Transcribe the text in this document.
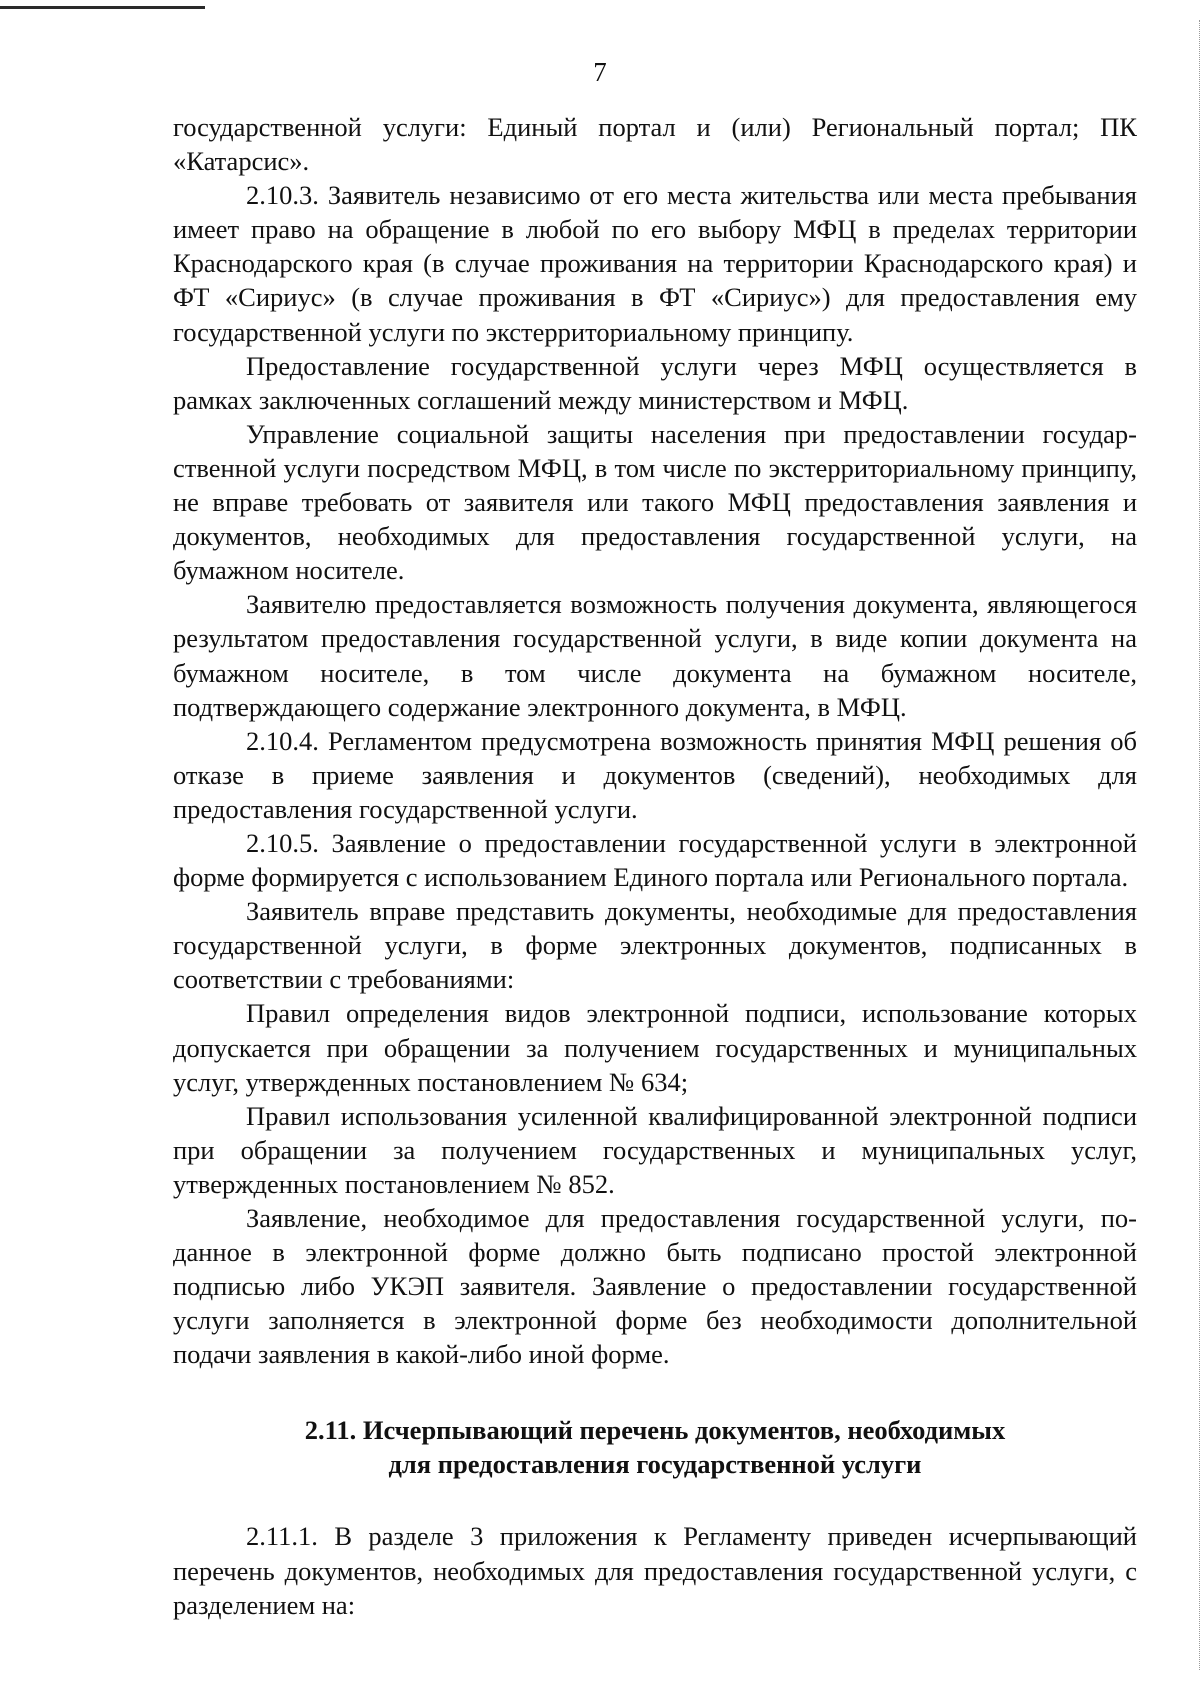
7

государственной услуги: Единый портал и (или) Региональный портал; ПК «Катарсис».

2.10.3. Заявитель независимо от его места жительства или места пребывания имеет право на обращение в любой по его выбору МФЦ в пределах территории Краснодарского края (в случае проживания на территории Краснодарского края) и ФТ «Сириус» (в случае проживания в ФТ «Сириус») для предоставления ему государственной услуги по экстерриториальному принципу.

Предоставление государственной услуги через МФЦ осуществляется в рамках заключенных соглашений между министерством и МФЦ.

Управление социальной защиты населения при предоставлении государственной услуги посредством МФЦ, в том числе по экстерриториальному принципу, не вправе требовать от заявителя или такого МФЦ предоставления заявления и документов, необходимых для предоставления государственной услуги, на бумажном носителе.

Заявителю предоставляется возможность получения документа, являющегося результатом предоставления государственной услуги, в виде копии документа на бумажном носителе, в том числе документа на бумажном носителе, подтверждающего содержание электронного документа, в МФЦ.

2.10.4. Регламентом предусмотрена возможность принятия МФЦ решения об отказе в приеме заявления и документов (сведений), необходимых для предоставления государственной услуги.

2.10.5. Заявление о предоставлении государственной услуги в электронной форме формируется с использованием Единого портала или Регионального портала.

Заявитель вправе представить документы, необходимые для предоставления государственной услуги, в форме электронных документов, подписанных в соответствии с требованиями:

Правил определения видов электронной подписи, использование которых допускается при обращении за получением государственных и муниципальных услуг, утвержденных постановлением № 634;

Правил использования усиленной квалифицированной электронной подписи при обращении за получением государственных и муниципальных услуг, утвержденных постановлением № 852.

Заявление, необходимое для предоставления государственной услуги, поданное в электронной форме должно быть подписано простой электронной подписью либо УКЭП заявителя. Заявление о предоставлении государственной услуги заполняется в электронной форме без необходимости дополнительной подачи заявления в какой-либо иной форме.

2.11. Исчерпывающий перечень документов, необходимых
для предоставления государственной услуги

2.11.1. В разделе 3 приложения к Регламенту приведен исчерпывающий перечень документов, необходимых для предоставления государственной услуги, с разделением на:
